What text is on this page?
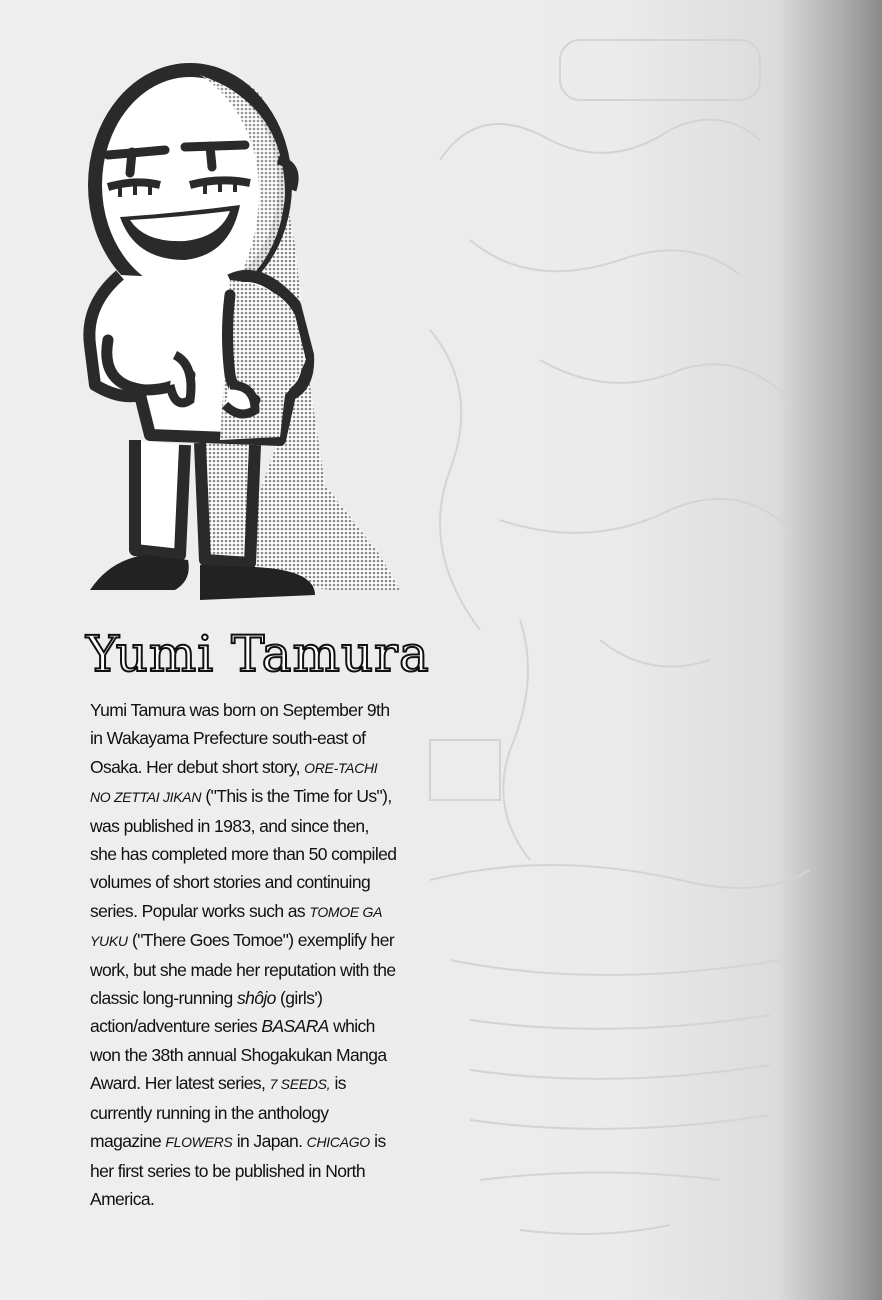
Yumi Tamura

Yumi Tamura was born on September 9th in Wakayama Prefecture south-east of Osaka. Her debut short story, ORE-TACHI NO ZETTAI JIKAN ("This is the Time for Us"), was published in 1983, and since then, she has completed more than 50 compiled volumes of short stories and continuing series. Popular works such as TOMOE GA YUKU ("There Goes Tomoe") exemplify her work, but she made her reputation with the classic long-running shôjo (girls') action/adventure series BASARA which won the 38th annual Shogakukan Manga Award. Her latest series, 7 SEEDS, is currently running in the anthology magazine FLOWERS in Japan. CHICAGO is her first series to be published in North America.
